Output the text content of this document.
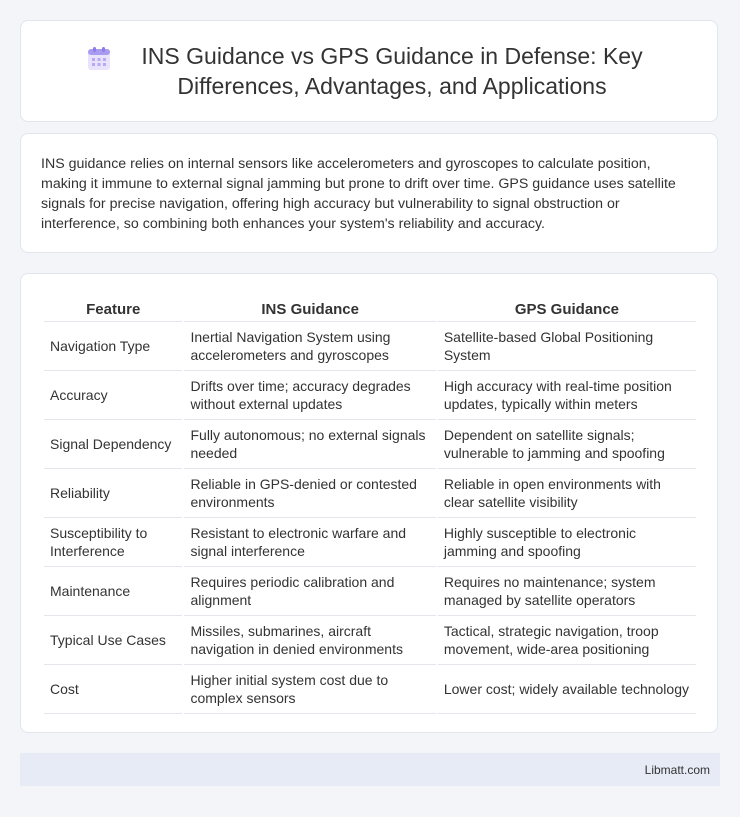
INS Guidance vs GPS Guidance in Defense: Key Differences, Advantages, and Applications

INS guidance relies on internal sensors like accelerometers and gyroscopes to calculate position, making it immune to external signal jamming but prone to drift over time. GPS guidance uses satellite signals for precise navigation, offering high accuracy but vulnerability to signal obstruction or interference, so combining both enhances your system's reliability and accuracy.

Feature	INS Guidance	GPS Guidance
Navigation Type	Inertial Navigation System using accelerometers and gyroscopes	Satellite-based Global Positioning System
Accuracy	Drifts over time; accuracy degrades without external updates	High accuracy with real-time position updates, typically within meters
Signal Dependency	Fully autonomous; no external signals needed	Dependent on satellite signals; vulnerable to jamming and spoofing
Reliability	Reliable in GPS-denied or contested environments	Reliable in open environments with clear satellite visibility
Susceptibility to Interference	Resistant to electronic warfare and signal interference	Highly susceptible to electronic jamming and spoofing
Maintenance	Requires periodic calibration and alignment	Requires no maintenance; system managed by satellite operators
Typical Use Cases	Missiles, submarines, aircraft navigation in denied environments	Tactical, strategic navigation, troop movement, wide-area positioning
Cost	Higher initial system cost due to complex sensors	Lower cost; widely available technology
Libmatt.com
